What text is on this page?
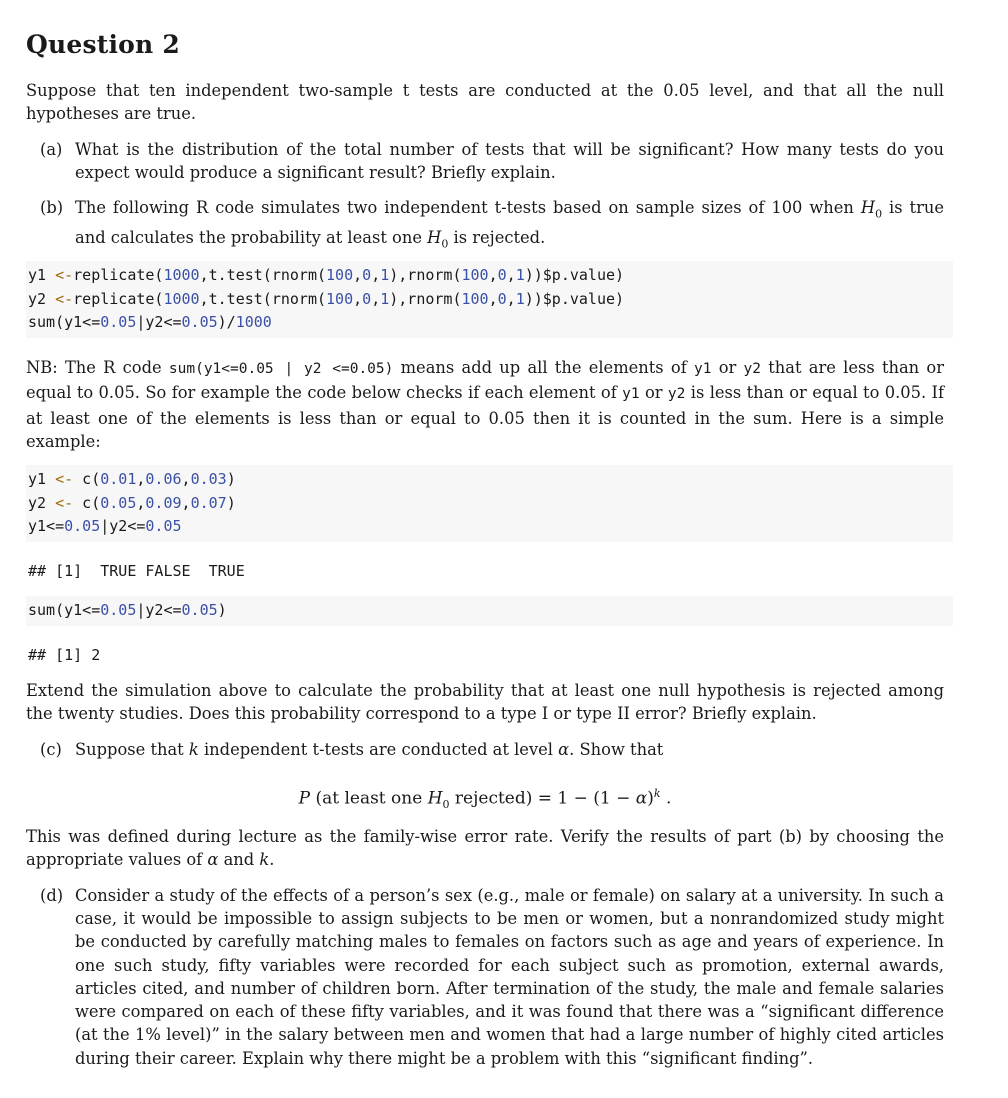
Question 2

Suppose that ten independent two-sample t tests are conducted at the 0.05 level, and that all the null hypotheses are true.

(a) What is the distribution of the total number of tests that will be significant? How many tests do you expect would produce a significant result? Briefly explain.
(b) The following R code simulates two independent t-tests based on sample sizes of 100 when $H_0$ is true and calculates the probability at least one $H_0$ is rejected.
y1 <-replicate(1000,t.test(rnorm(100,0,1),rnorm(100,0,1))$p.value)
y2 <-replicate(1000,t.test(rnorm(100,0,1),rnorm(100,0,1))$p.value)
sum(y1<=0.05|y2<=0.05)/1000

NB: The R code sum(y1<=0.05 | y2 <=0.05) means add up all the elements of y1 or y2 that are less than or equal to 0.05. So for example the code below checks if each element of y1 or y2 is less than or equal to 0.05. If at least one of the elements is less than or equal to 0.05 then it is counted in the sum. Here is a simple example:

y1 <- c(0.01,0.06,0.03)
y2 <- c(0.05,0.09,0.07)
y1<=0.05|y2<=0.05
## [1]  TRUE FALSE  TRUE
sum(y1<=0.05|y2<=0.05)
## [1] 2

Extend the simulation above to calculate the probability that at least one null hypothesis is rejected among the twenty studies. Does this probability correspond to a type I or type II error? Briefly explain.

(c) Suppose that k independent t-tests are conducted at level α. Show that
P (at least one $H_0$ rejected) = $1 - (1 - \alpha)^k$ .

This was defined during lecture as the family-wise error rate. Verify the results of part (b) by choosing the appropriate values of α and k.

(d) Consider a study of the effects of a person’s sex (e.g., male or female) on salary at a university. In such a case, it would be impossible to assign subjects to be men or women, but a nonrandomized study might be conducted by carefully matching males to females on factors such as age and years of experience. In one such study, fifty variables were recorded for each subject such as promotion, external awards, articles cited, and number of children born. After termination of the study, the male and female salaries were compared on each of these fifty variables, and it was found that there was a “significant difference (at the 1% level)” in the salary between men and women that had a large number of highly cited articles during their career. Explain why there might be a problem with this “significant finding”.
